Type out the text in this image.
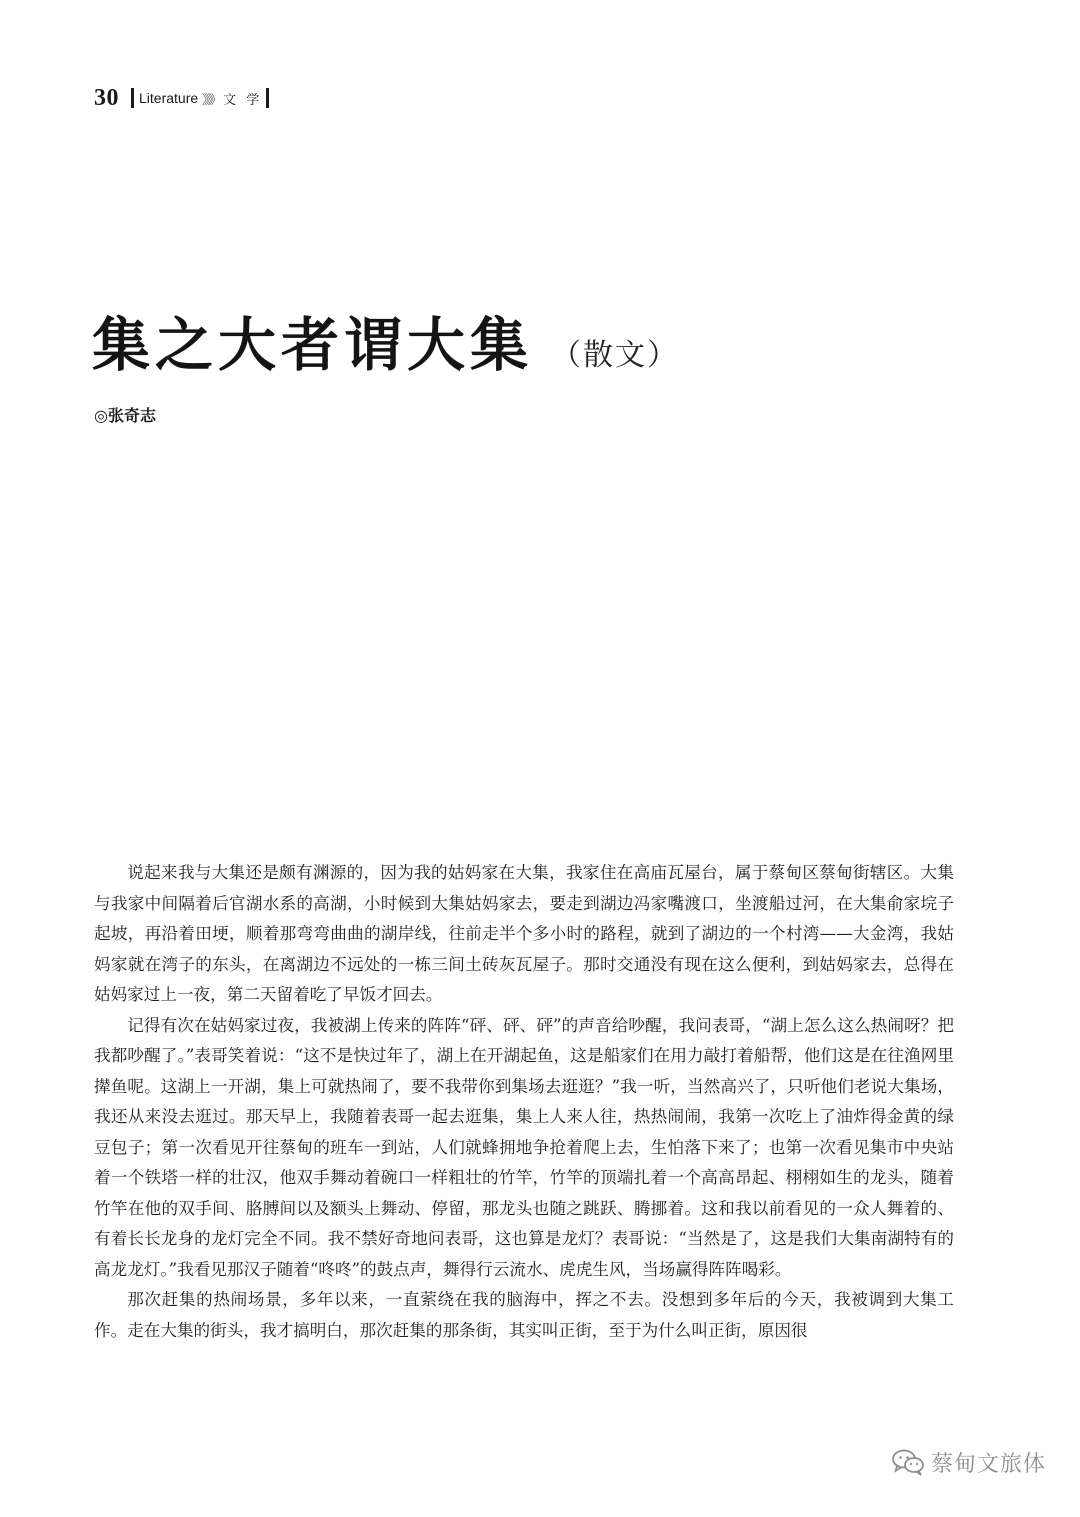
30 Literature 》》》 文 学
集之大者谓大集 （散文）
◎张奇志

说起来我与大集还是颇有渊源的，因为我的姑妈家在大集，我家住在高庙瓦屋台，属于蔡甸区蔡甸街辖区。大集与我家中间隔着后官湖水系的高湖，小时候到大集姑妈家去，要走到湖边冯家嘴渡口，坐渡船过河，在大集俞家垸子起坡，再沿着田埂，顺着那弯弯曲曲的湖岸线，往前走半个多小时的路程，就到了湖边的一个村湾——大金湾，我姑妈家就在湾子的东头，在离湖边不远处的一栋三间土砖灰瓦屋子。那时交通没有现在这么便利，到姑妈家去，总得在姑妈家过上一夜，第二天留着吃了早饭才回去。

记得有次在姑妈家过夜，我被湖上传来的阵阵“砰、砰、砰”的声音给吵醒，我问表哥，“湖上怎么这么热闹呀？把我都吵醒了。”表哥笑着说：“这不是快过年了，湖上在开湖起鱼，这是船家们在用力敲打着船帮，他们这是在往渔网里撵鱼呢。这湖上一开湖，集上可就热闹了，要不我带你到集场去逛逛？”我一听，当然高兴了，只听他们老说大集场，我还从来没去逛过。那天早上，我随着表哥一起去逛集，集上人来人往，热热闹闹，我第一次吃上了油炸得金黄的绿豆包子；第一次看见开往蔡甸的班车一到站，人们就蜂拥地争抢着爬上去，生怕落下来了；也第一次看见集市中央站着一个铁塔一样的壮汉，他双手舞动着碗口一样粗壮的竹竿，竹竿的顶端扎着一个高高昂起、栩栩如生的龙头，随着竹竿在他的双手间、胳膊间以及额头上舞动、停留，那龙头也随之跳跃、腾挪着。这和我以前看见的一众人舞着的、有着长长龙身的龙灯完全不同。我不禁好奇地问表哥，这也算是龙灯？表哥说：“当然是了，这是我们大集南湖特有的高龙龙灯。”我看见那汉子随着“咚咚”的鼓点声，舞得行云流水、虎虎生风，当场赢得阵阵喝彩。

那次赶集的热闹场景，多年以来，一直萦绕在我的脑海中，挥之不去。没想到多年后的今天，我被调到大集工作。走在大集的街头，我才搞明白，那次赶集的那条街，其实叫正街，至于为什么叫正街，原因很

蔡甸文旅体
